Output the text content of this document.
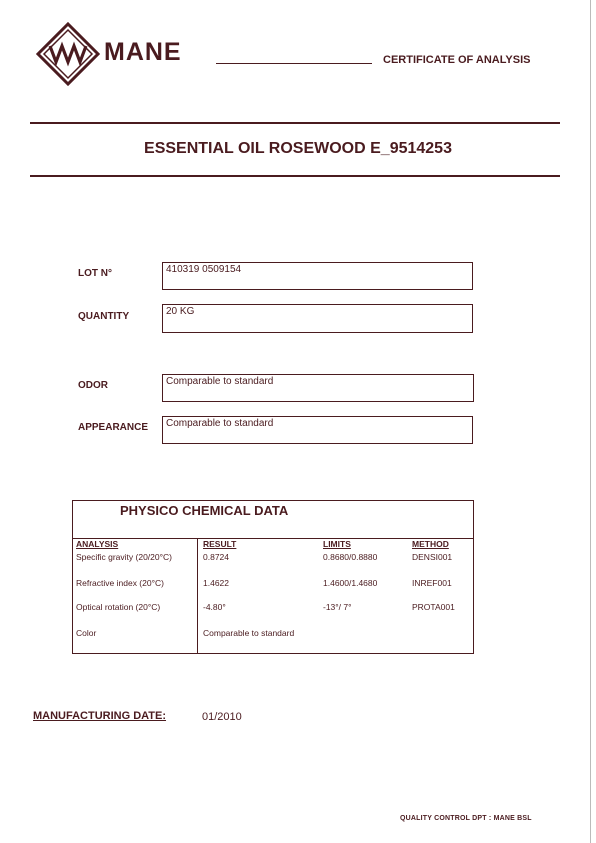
VMF MANE	CERTIFICATE OF ANALYSIS
ESSENTIAL OIL ROSEWOOD E_9514253
LOT N°	410319 0509154
QUANTITY	20 KG
ODOR	Comparable to standard
APPEARANCE	Comparable to standard
PHYSICO CHEMICAL DATA
ANALYSIS	RESULT	LIMITS	METHOD
Specific gravity (20/20°C)	0.8724	0.8680/0.8880	DENSI001
Refractive index (20°C)	1.4622	1.4600/1.4680	INREF001
Optical rotation (20°C)	-4.80°	-13°/ 7°	PROTA001
Color	Comparable to standard
MANUFACTURING DATE:	01/2010
QUALITY CONTROL DPT : MANE BSL
